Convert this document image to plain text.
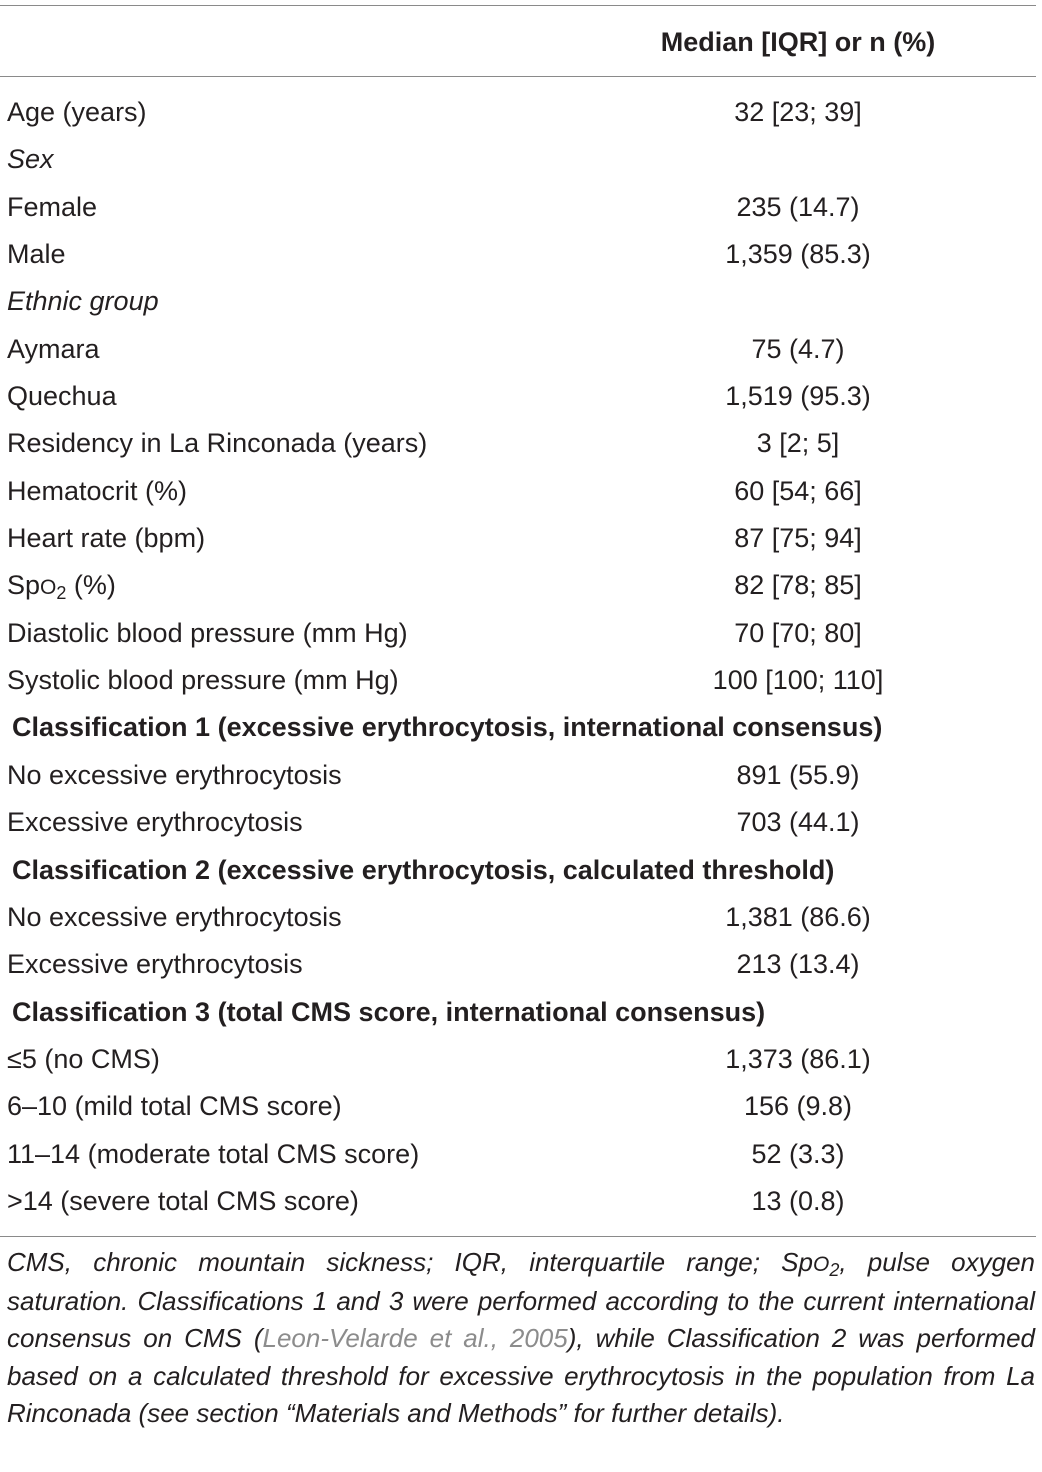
Median [IQR] or n (%)
Age (years)	32 [23; 39]
Sex
Female	235 (14.7)
Male	1,359 (85.3)
Ethnic group
Aymara	75 (4.7)
Quechua	1,519 (95.3)
Residency in La Rinconada (years)	3 [2; 5]
Hematocrit (%)	60 [54; 66]
Heart rate (bpm)	87 [75; 94]
SpO$_2$ (%)	82 [78; 85]
Diastolic blood pressure (mm Hg)	70 [70; 80]
Systolic blood pressure (mm Hg)	100 [100; 110]
Classification 1 (excessive erythrocytosis, international consensus)
No excessive erythrocytosis	891 (55.9)
Excessive erythrocytosis	703 (44.1)
Classification 2 (excessive erythrocytosis, calculated threshold)
No excessive erythrocytosis	1,381 (86.6)
Excessive erythrocytosis	213 (13.4)
Classification 3 (total CMS score, international consensus)
≤5 (no CMS)	1,373 (86.1)
6–10 (mild total CMS score)	156 (9.8)
11–14 (moderate total CMS score)	52 (3.3)
>14 (severe total CMS score)	13 (0.8)
CMS, chronic mountain sickness; IQR, interquartile range; SpO$_2$, pulse oxygen saturation. Classifications 1 and 3 were performed according to the current international consensus on CMS (Leon-Velarde et al., 2005), while Classification 2 was performed based on a calculated threshold for excessive erythrocytosis in the population from La Rinconada (see section “Materials and Methods” for further details).
